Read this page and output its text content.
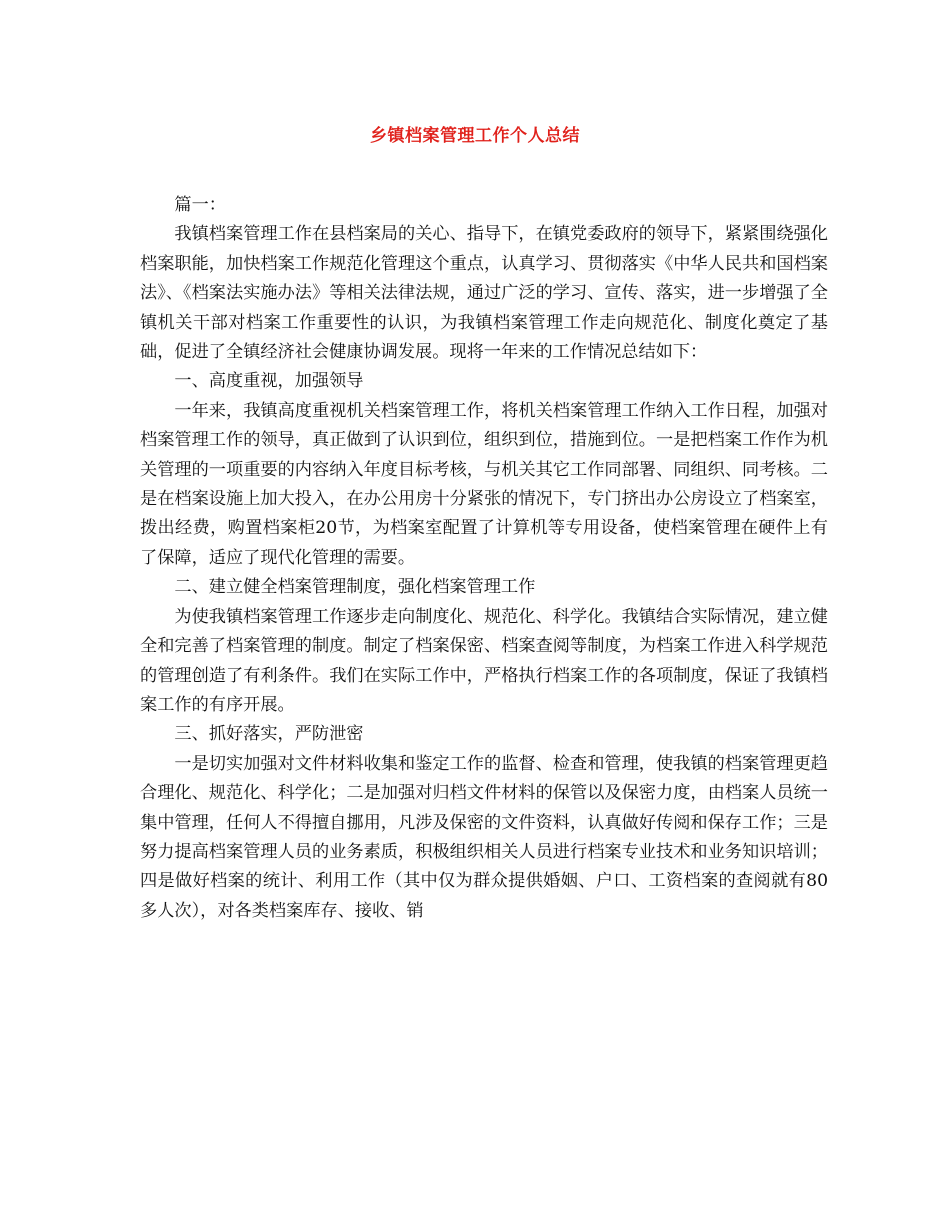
乡镇档案管理工作个人总结

篇一：

我镇档案管理工作在县档案局的关心、指导下，在镇党委政府的领导下，紧紧围绕强化档案职能，加快档案工作规范化管理这个重点，认真学习、贯彻落实《中华人民共和国档案法》、《档案法实施办法》等相关法律法规，通过广泛的学习、宣传、落实，进一步增强了全镇机关干部对档案工作重要性的认识，为我镇档案管理工作走向规范化、制度化奠定了基础，促进了全镇经济社会健康协调发展。现将一年来的工作情况总结如下：

一、高度重视，加强领导

一年来，我镇高度重视机关档案管理工作，将机关档案管理工作纳入工作日程，加强对档案管理工作的领导，真正做到了认识到位，组织到位，措施到位。一是把档案工作作为机关管理的一项重要的内容纳入年度目标考核，与机关其它工作同部署、同组织、同考核。二是在档案设施上加大投入，在办公用房十分紧张的情况下，专门挤出办公房设立了档案室，拨出经费，购置档案柜20节，为档案室配置了计算机等专用设备，使档案管理在硬件上有了保障，适应了现代化管理的需要。

二、建立健全档案管理制度，强化档案管理工作

为使我镇档案管理工作逐步走向制度化、规范化、科学化。我镇结合实际情况，建立健全和完善了档案管理的制度。制定了档案保密、档案查阅等制度，为档案工作进入科学规范的管理创造了有利条件。我们在实际工作中，严格执行档案工作的各项制度，保证了我镇档案工作的有序开展。

三、抓好落实，严防泄密

一是切实加强对文件材料收集和鉴定工作的监督、检查和管理，使我镇的档案管理更趋合理化、规范化、科学化；二是加强对归档文件材料的保管以及保密力度，由档案人员统一集中管理，任何人不得擅自挪用，凡涉及保密的文件资料，认真做好传阅和保存工作；三是努力提高档案管理人员的业务素质，积极组织相关人员进行档案专业技术和业务知识培训；四是做好档案的统计、利用工作（其中仅为群众提供婚姻、户口、工资档案的查阅就有80多人次），对各类档案库存、接收、销
